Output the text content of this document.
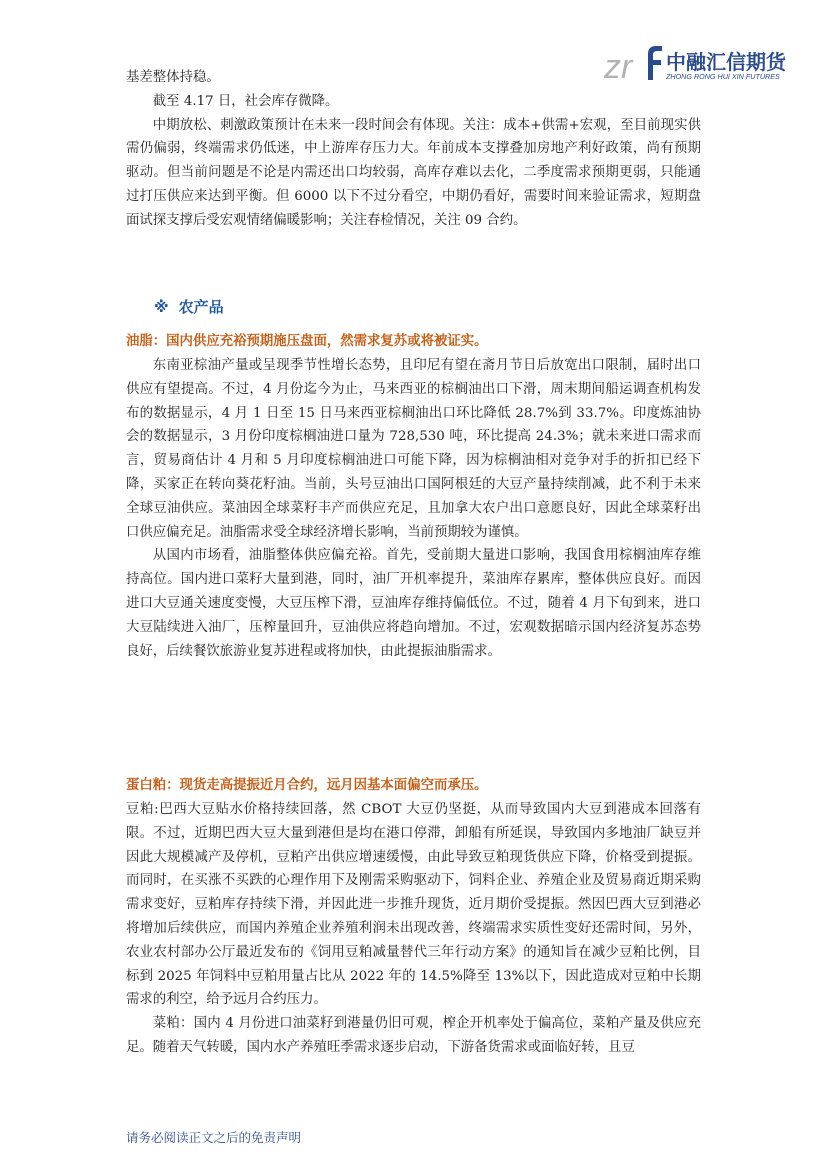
zr 中融汇信期货
ZHONG RONG HUI XIN FUTURES

基差整体持稳。

截至 4.17 日，社会库存微降。

中期放松、刺激政策预计在未来一段时间会有体现。关注：成本+供需+宏观，至目前现实供需仍偏弱，终端需求仍低迷，中上游库存压力大。年前成本支撑叠加房地产利好政策，尚有预期驱动。但当前问题是不论是内需还出口均较弱，高库存难以去化，二季度需求预期更弱，只能通过打压供应来达到平衡。但 6000 以下不过分看空，中期仍看好，需要时间来验证需求，短期盘面试探支撑后受宏观情绪偏暖影响；关注春检情况，关注 09 合约。

※ 农产品

油脂：国内供应充裕预期施压盘面，然需求复苏或将被证实。

东南亚棕油产量或呈现季节性增长态势，且印尼有望在斋月节日后放宽出口限制，届时出口供应有望提高。不过，4 月份迄今为止，马来西亚的棕榈油出口下滑，周末期间船运调查机构发布的数据显示，4 月 1 日至 15 日马来西亚棕榈油出口环比降低 28.7%到 33.7%。印度炼油协会的数据显示，3 月份印度棕榈油进口量为 728,530 吨，环比提高 24.3%；就未来进口需求而言，贸易商估计 4 月和 5 月印度棕榈油进口可能下降，因为棕榈油相对竞争对手的折扣已经下降，买家正在转向葵花籽油。当前，头号豆油出口国阿根廷的大豆产量持续削减，此不利于未来全球豆油供应。菜油因全球菜籽丰产而供应充足，且加拿大农户出口意愿良好，因此全球菜籽出口供应偏充足。油脂需求受全球经济增长影响，当前预期较为谨慎。

从国内市场看，油脂整体供应偏充裕。首先，受前期大量进口影响，我国食用棕榈油库存维持高位。国内进口菜籽大量到港，同时，油厂开机率提升，菜油库存累库，整体供应良好。而因进口大豆通关速度变慢，大豆压榨下滑，豆油库存维持偏低位。不过，随着 4 月下旬到来，进口大豆陆续进入油厂，压榨量回升，豆油供应将趋向增加。不过，宏观数据暗示国内经济复苏态势良好，后续餐饮旅游业复苏进程或将加快，由此提振油脂需求。

蛋白粕：现货走高提振近月合约，远月因基本面偏空而承压。

豆粕:巴西大豆贴水价格持续回落，然 CBOT 大豆仍坚挺，从而导致国内大豆到港成本回落有限。不过，近期巴西大豆大量到港但是均在港口停滞，卸船有所延误，导致国内多地油厂缺豆并因此大规模减产及停机，豆粕产出供应增速缓慢，由此导致豆粕现货供应下降，价格受到提振。而同时，在买涨不买跌的心理作用下及刚需采购驱动下，饲料企业、养殖企业及贸易商近期采购需求变好，豆粕库存持续下滑，并因此进一步推升现货，近月期价受提振。然因巴西大豆到港必将增加后续供应，而国内养殖企业养殖利润未出现改善，终端需求实质性变好还需时间，另外，农业农村部办公厅最近发布的《饲用豆粕减量替代三年行动方案》的通知旨在减少豆粕比例，目标到 2025 年饲料中豆粕用量占比从 2022 年的 14.5%降至 13%以下，因此造成对豆粕中长期需求的利空，给予远月合约压力。

菜粕：国内 4 月份进口油菜籽到港量仍旧可观，榨企开机率处于偏高位，菜粕产量及供应充足。随着天气转暖，国内水产养殖旺季需求逐步启动，下游备货需求或面临好转，且豆

请务必阅读正文之后的免责声明
